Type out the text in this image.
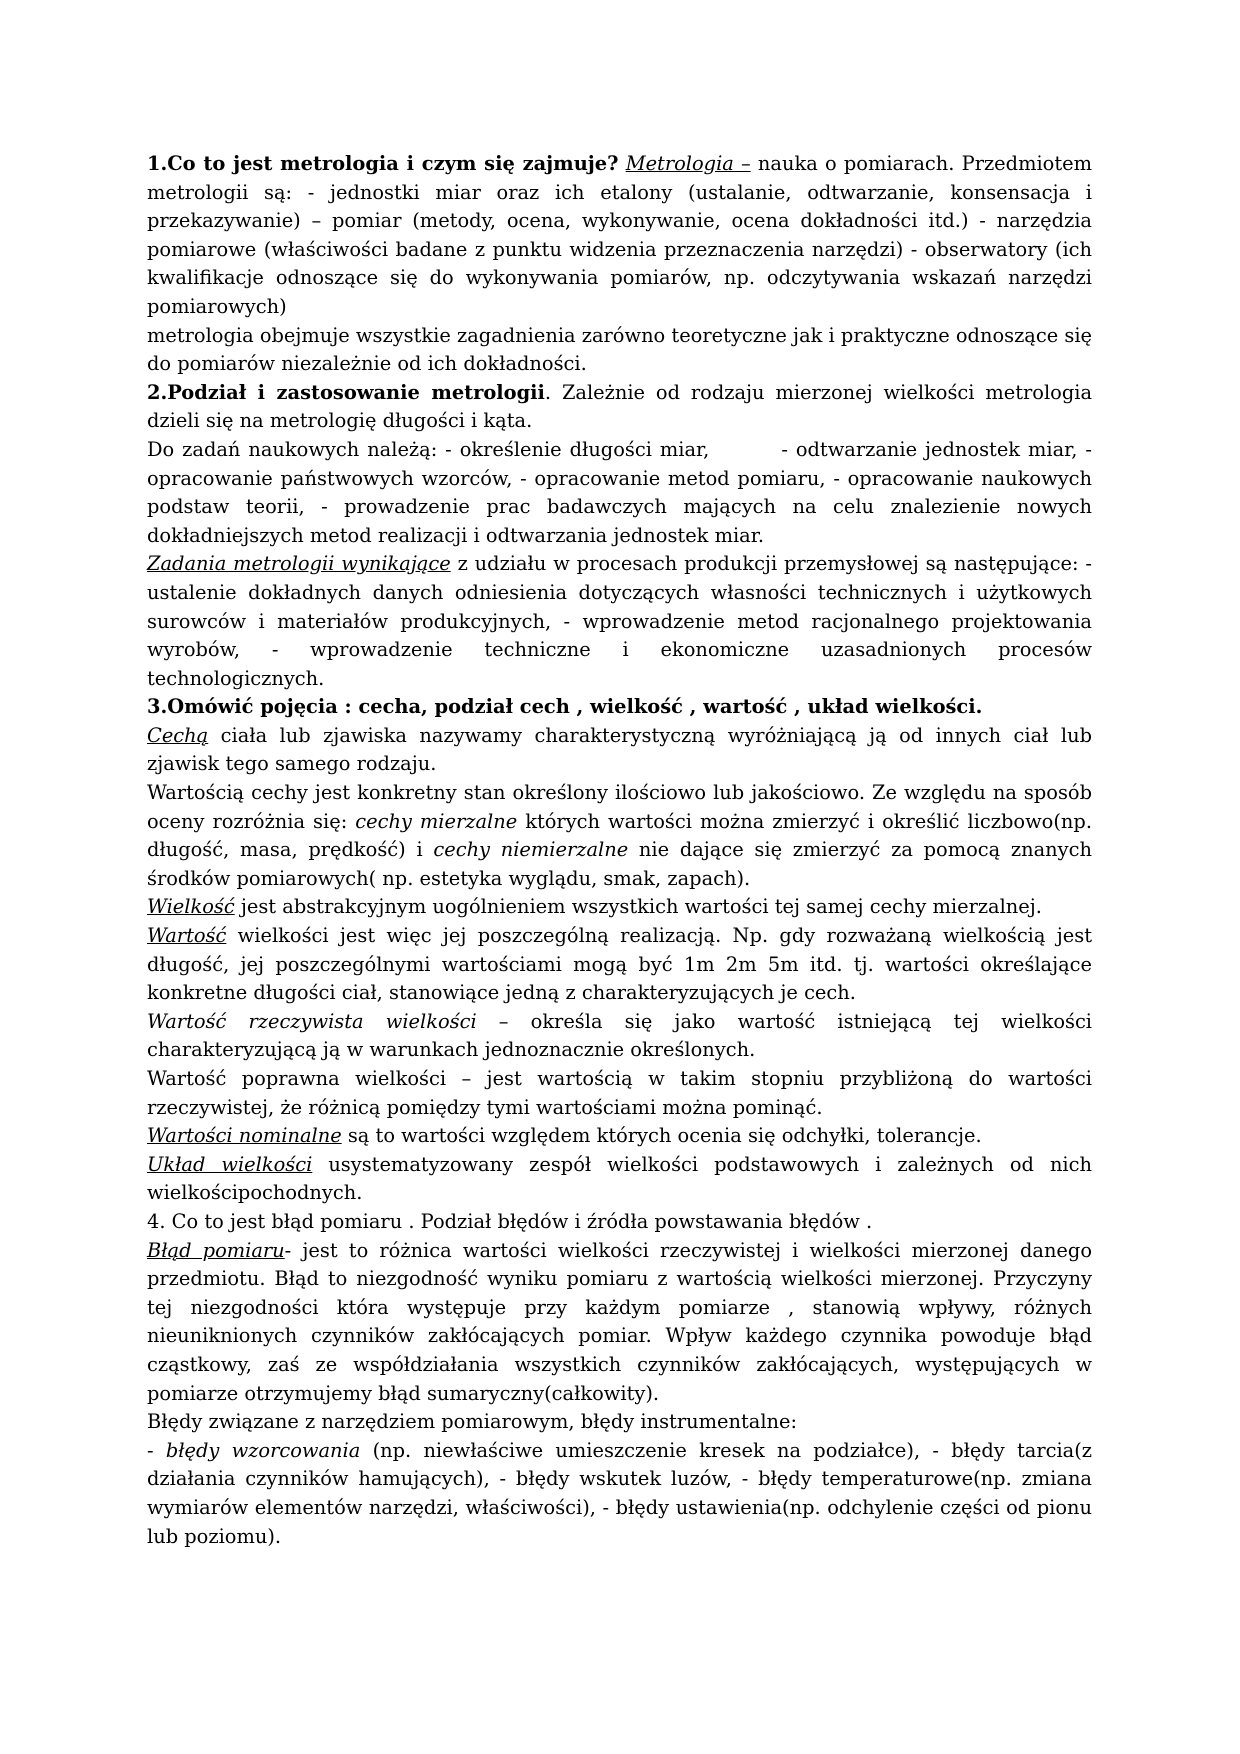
1.Co to jest metrologia i czym się zajmuje? Metrologia – nauka o pomiarach. Przedmiotem metrologii są: - jednostki miar oraz ich etalony (ustalanie, odtwarzanie, konsensacja i przekazywanie) – pomiar (metody, ocena, wykonywanie, ocena dokładności itd.) - narzędzia pomiarowe (właściwości badane z punktu widzenia przeznaczenia narzędzi) - obserwatory (ich kwalifikacje odnoszące się do wykonywania pomiarów, np. odczytywania wskazań narzędzi pomiarowych)

metrologia obejmuje wszystkie zagadnienia zarówno teoretyczne jak i praktyczne odnoszące się do pomiarów niezależnie od ich dokładności.

2.Podział i zastosowanie metrologii. Zależnie od rodzaju mierzonej wielkości metrologia dzieli się na metrologię długości i kąta.

Do zadań naukowych należą: - określenie długości miar,	- odtwarzanie jednostek miar, - opracowanie państwowych wzorców, - opracowanie metod pomiaru, - opracowanie naukowych podstaw teorii, - prowadzenie prac badawczych mających na celu znalezienie nowych dokładniejszych metod realizacji i odtwarzania jednostek miar.

Zadania metrologii wynikające z udziału w procesach produkcji przemysłowej są następujące: - ustalenie dokładnych danych odniesienia dotyczących własności technicznych i użytkowych surowców i materiałów produkcyjnych, - wprowadzenie metod racjonalnego projektowania wyrobów, - wprowadzenie techniczne i ekonomiczne uzasadnionych procesów technologicznych.

3.Omówić pojęcia : cecha, podział cech , wielkość , wartość , układ wielkości.

Cechą ciała lub zjawiska nazywamy charakterystyczną wyróżniającą ją od innych ciał lub zjawisk tego samego rodzaju.

Wartością cechy jest konkretny stan określony ilościowo lub jakościowo. Ze względu na sposób oceny rozróżnia się: cechy mierzalne których wartości można zmierzyć i określić liczbowo(np. długość, masa, prędkość) i cechy niemierzalne nie dające się zmierzyć za pomocą znanych środków pomiarowych( np. estetyka wyglądu, smak, zapach).

Wielkość jest abstrakcyjnym uogólnieniem wszystkich wartości tej samej cechy mierzalnej.

Wartość wielkości jest więc jej poszczególną realizacją. Np. gdy rozważaną wielkością jest długość, jej poszczególnymi wartościami mogą być 1m 2m 5m itd. tj. wartości określające konkretne długości ciał, stanowiące jedną z charakteryzujących je cech.

Wartość rzeczywista wielkości – określa się jako wartość istniejącą tej wielkości charakteryzującą ją w warunkach jednoznacznie określonych.

Wartość poprawna wielkości – jest wartością w takim stopniu przybliżoną do wartości rzeczywistej, że różnicą pomiędzy tymi wartościami można pominąć.

Wartości nominalne są to wartości względem których ocenia się odchyłki, tolerancje.

Układ wielkości usystematyzowany zespół wielkości podstawowych i zależnych od nich wielkościpochodnych.

4. Co to jest błąd pomiaru . Podział błędów i źródła powstawania błędów .

Błąd pomiaru- jest to różnica wartości wielkości rzeczywistej i wielkości mierzonej danego przedmiotu. Błąd to niezgodność wyniku pomiaru z wartością wielkości mierzonej. Przyczyny tej niezgodności która występuje przy każdym pomiarze , stanowią wpływy, różnych nieuniknionych czynników zakłócających pomiar. Wpływ każdego czynnika powoduje błąd cząstkowy, zaś ze współdziałania wszystkich czynników zakłócających, występujących w pomiarze otrzymujemy błąd sumaryczny(całkowity).

Błędy związane z narzędziem pomiarowym, błędy instrumentalne:

- błędy wzorcowania (np. niewłaściwe umieszczenie kresek na podziałce), - błędy tarcia(z działania czynników hamujących), - błędy wskutek luzów, - błędy temperaturowe(np. zmiana wymiarów elementów narzędzi, właściwości), - błędy ustawienia(np. odchylenie części od pionu lub poziomu).
